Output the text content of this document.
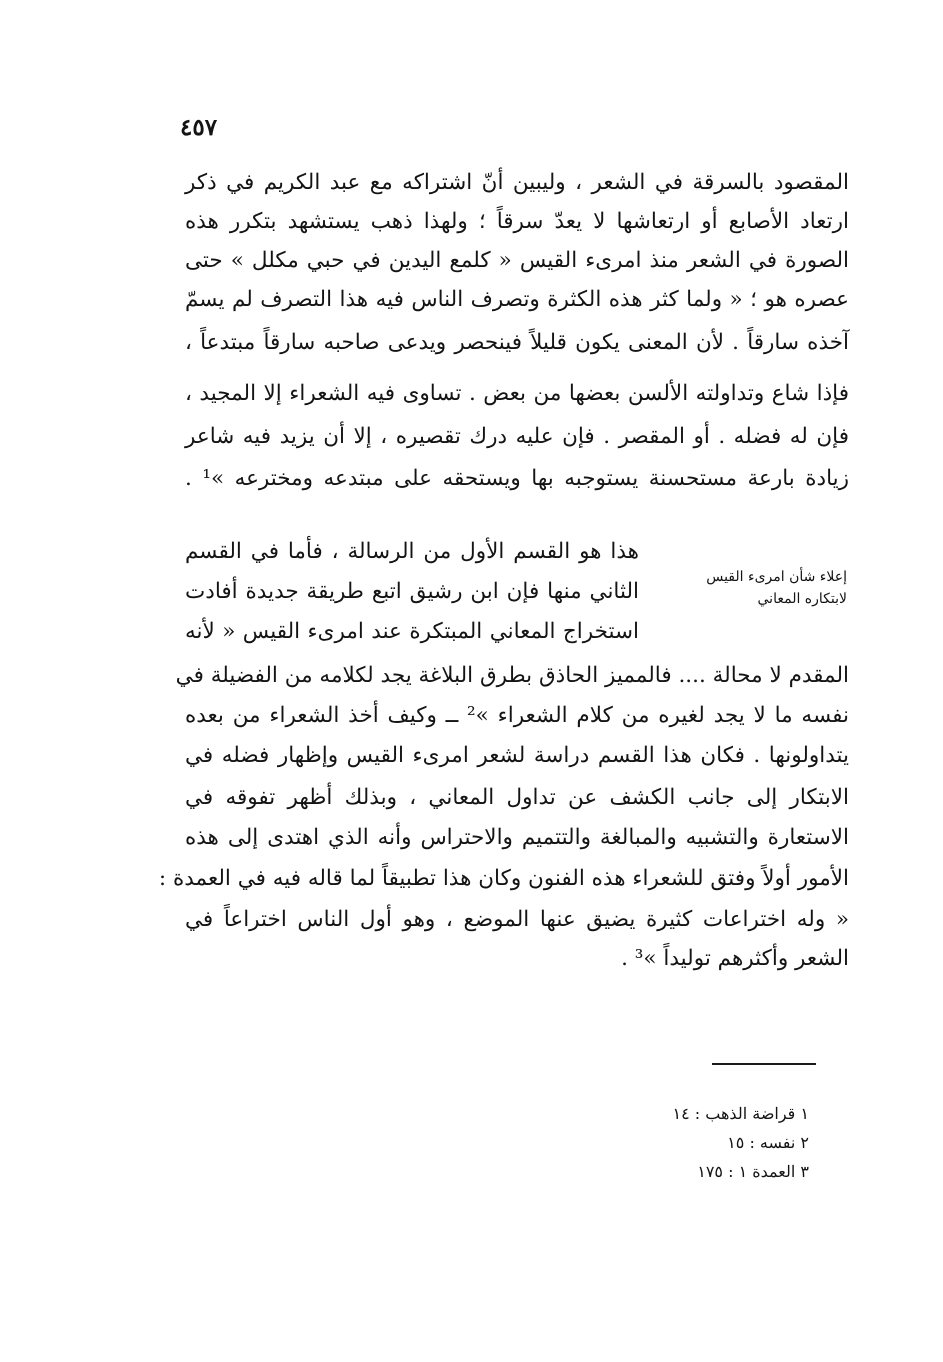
٤٥٧
المقصود بالسرقة في الشعر ، وليبين أنّ اشتراكه مع عبد الكريم في ذكر
ارتعاد الأصابع أو ارتعاشها لا يعدّ سرقاً ؛ ولهذا ذهب يستشهد بتكرر هذه
الصورة في الشعر منذ امرىء القيس « كلمع اليدين في حبي مكلل » حتى
عصره هو ؛ « ولما كثر هذه الكثرة وتصرف الناس فيه هذا التصرف لم يسمّ
آخذه سارقاً . لأن المعنى يكون قليلاً فينحصر ويدعى صاحبه سارقاً مبتدعاً ،
فإذا شاع وتداولته الألسن بعضها من بعض . تساوى فيه الشعراء إلا المجيد ،
فإن له فضله . أو المقصر . فإن عليه درك تقصيره ، إلا أن يزيد فيه شاعر
زيادة بارعة مستحسنة يستوجبه بها ويستحقه على مبتدعه ومخترعه »¹ .
إعلاء شأن امرىء القيس
لابتكاره المعاني
هذا هو القسم الأول من الرسالة ، فأما في القسم
الثاني منها فإن ابن رشيق اتبع طريقة جديدة أفادت
استخراج المعاني المبتكرة عند امرىء القيس « لأنه
المقدم لا محالة .... فالمميز الحاذق بطرق البلاغة يجد لكلامه من الفضيلة في
نفسه ما لا يجد لغيره من كلام الشعراء »² ــ وكيف أخذ الشعراء من بعده
يتداولونها . فكان هذا القسم دراسة لشعر امرىء القيس وإظهار فضله في
الابتكار إلى جانب الكشف عن تداول المعاني ، وبذلك أظهر تفوقه في
الاستعارة والتشبيه والمبالغة والتتميم والاحتراس وأنه الذي اهتدى إلى هذه
الأمور أولاً وفتق للشعراء هذه الفنون وكان هذا تطبيقاً لما قاله فيه في العمدة :
« وله اختراعات كثيرة يضيق عنها الموضع ، وهو أول الناس اختراعاً في
الشعر وأكثرهم توليداً »³ .
١ قراضة الذهب : ١٤
٢ نفسه : ١٥
٣ العمدة ١ : ١٧٥
